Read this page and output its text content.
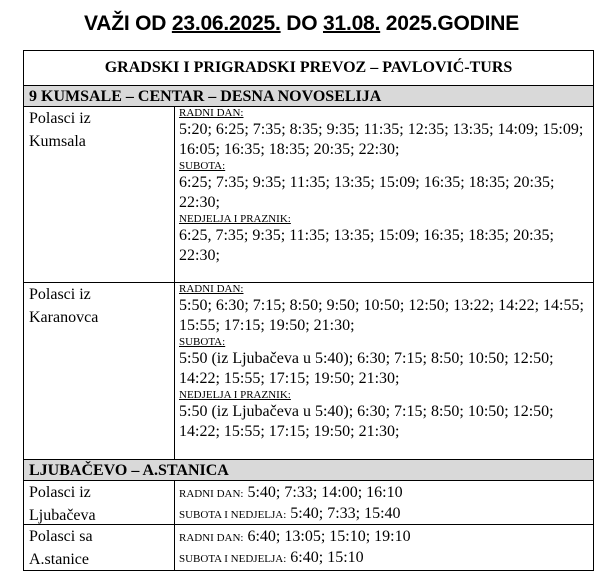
VAŽI OD 23.06.2025. DO 31.08. 2025.GODINE
GRADSKI I PRIGRADSKI PREVOZ – PAVLOVIĆ-TURS
9 KUMSALE – CENTAR – DESNA NOVOSELIJA
Polasci iz
Kumsala
RADNI DAN:
5:20; 6:25; 7:35; 8:35; 9:35; 11:35; 12:35; 13:35; 14:09; 15:09; 16:05; 16:35; 18:35; 20:35; 22:30;
SUBOTA:
6:25; 7:35; 9:35; 11:35; 13:35; 15:09; 16:35; 18:35; 20:35; 22:30;
NEDJELJA I PRAZNIK:
6:25, 7:35; 9:35; 11:35; 13:35; 15:09; 16:35; 18:35; 20:35; 22:30;
Polasci iz
Karanovca
RADNI DAN:
5:50; 6:30; 7:15; 8:50; 9:50; 10:50; 12:50; 13:22; 14:22; 14:55; 15:55; 17:15; 19:50; 21:30;
SUBOTA:
5:50 (iz Ljubačeva u 5:40); 6:30; 7:15; 8:50; 10:50; 12:50; 14:22; 15:55; 17:15; 19:50; 21:30;
NEDJELJA I PRAZNIK:
5:50 (iz Ljubačeva u 5:40); 6:30; 7:15; 8:50; 10:50; 12:50; 14:22; 15:55; 17:15; 19:50; 21:30;
LJUBAČEVO – A.STANICA
Polasci iz
Ljubačeva
RADNI DAN: 5:40; 7:33; 14:00; 16:10
SUBOTA I NEDJELJA: 5:40; 7:33; 15:40
Polasci sa
A.stanice
RADNI DAN: 6:40; 13:05; 15:10; 19:10
SUBOTA I NEDJELJA: 6:40; 15:10
